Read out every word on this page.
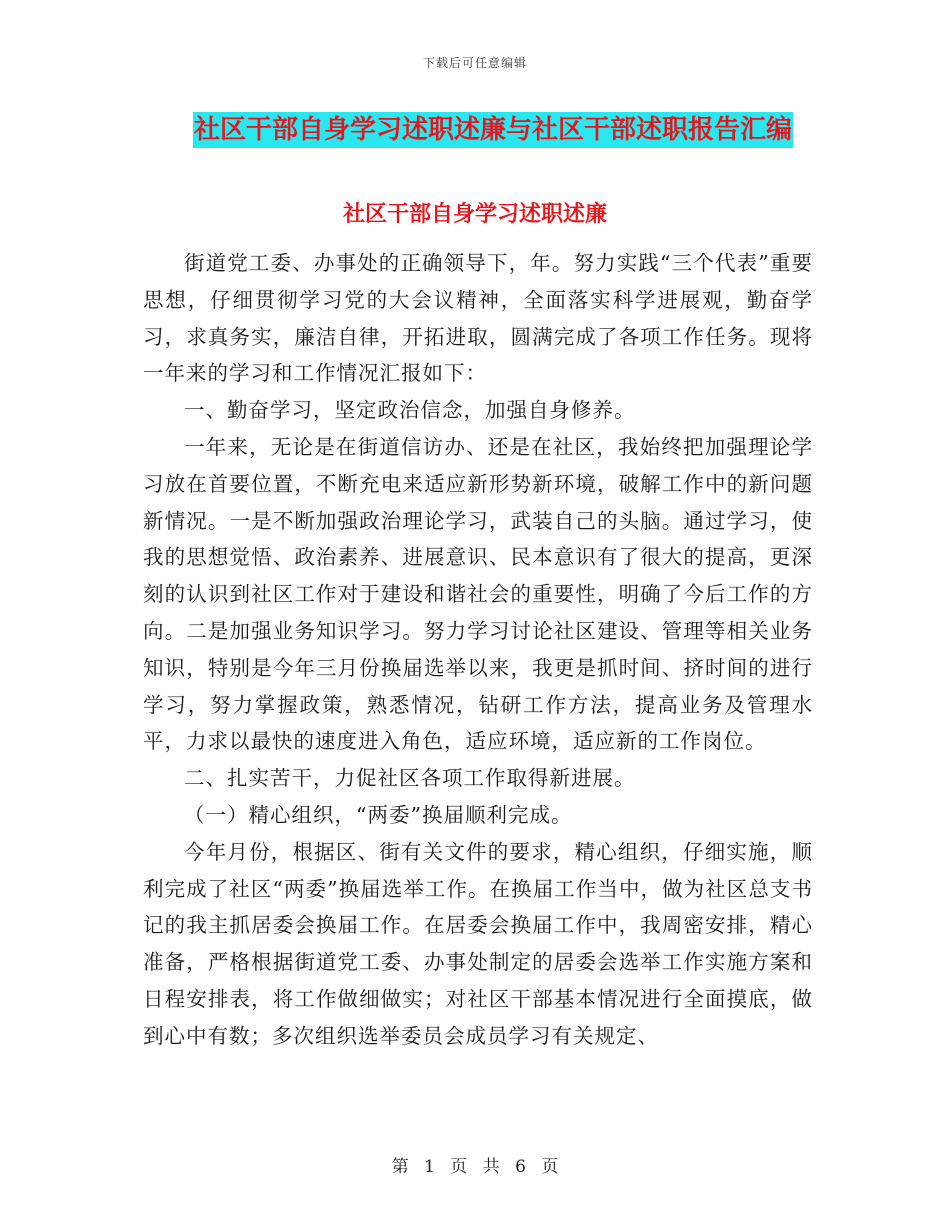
下载后可任意编辑
社区干部自身学习述职述廉与社区干部述职报告汇编
社区干部自身学习述职述廉

街道党工委、办事处的正确领导下，年。努力实践“三个代表”重要思想，仔细贯彻学习党的大会议精神，全面落实科学进展观，勤奋学习，求真务实，廉洁自律，开拓进取，圆满完成了各项工作任务。现将一年来的学习和工作情况汇报如下：

一、勤奋学习，坚定政治信念，加强自身修养。

一年来，无论是在街道信访办、还是在社区，我始终把加强理论学习放在首要位置，不断充电来适应新形势新环境，破解工作中的新问题新情况。一是不断加强政治理论学习，武装自己的头脑。通过学习，使我的思想觉悟、政治素养、进展意识、民本意识有了很大的提高，更深刻的认识到社区工作对于建设和谐社会的重要性，明确了今后工作的方向。二是加强业务知识学习。努力学习讨论社区建设、管理等相关业务知识，特别是今年三月份换届选举以来，我更是抓时间、挤时间的进行学习，努力掌握政策，熟悉情况，钻研工作方法，提高业务及管理水平，力求以最快的速度进入角色，适应环境，适应新的工作岗位。

二、扎实苦干，力促社区各项工作取得新进展。

（一）精心组织，“两委”换届顺利完成。

今年月份，根据区、街有关文件的要求，精心组织，仔细实施，顺利完成了社区“两委”换届选举工作。在换届工作当中，做为社区总支书记的我主抓居委会换届工作。在居委会换届工作中，我周密安排，精心准备，严格根据街道党工委、办事处制定的居委会选举工作实施方案和日程安排表，将工作做细做实；对社区干部基本情况进行全面摸底，做到心中有数；多次组织选举委员会成员学习有关规定、

第 1 页 共 6 页
